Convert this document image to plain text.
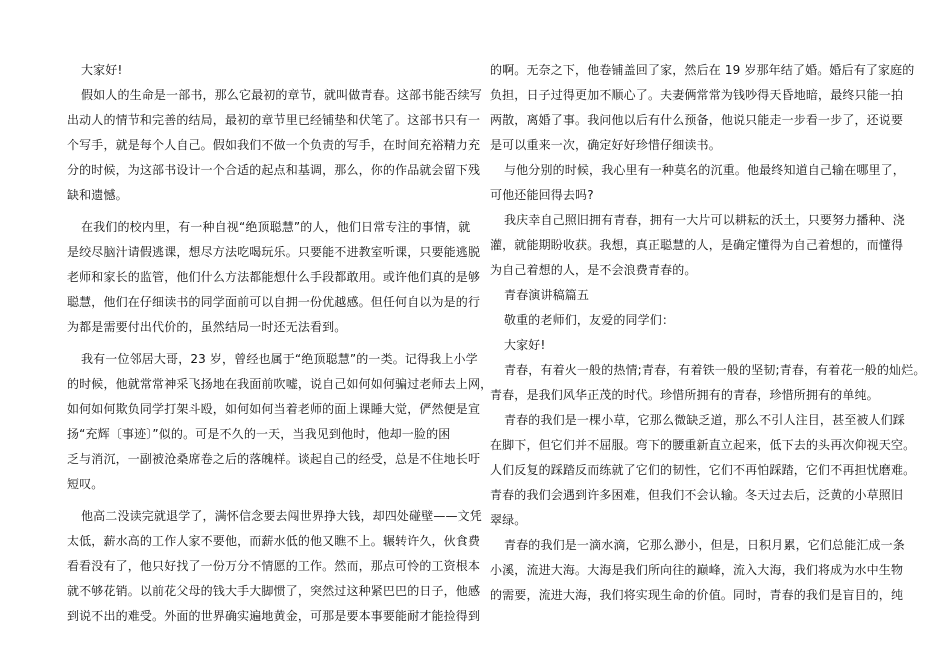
大家好!
假如人的生命是一部书，那么它最初的章节，就叫做青春。这部书能否续写
出动人的情节和完善的结局，最初的章节里已经铺垫和伏笔了。这部书只有一
个写手，就是每个人自己。假如我们不做一个负责的写手，在时间充裕精力充
分的时候，为这部书设计一个合适的起点和基调，那么，你的作品就会留下残
缺和遗憾。
在我们的校内里，有一种自视“绝顶聪慧”的人，他们日常专注的事情，就
是绞尽脑汁请假逃课，想尽方法吃喝玩乐。只要能不进教室听课，只要能逃脱
老师和家长的监管，他们什么方法都能想什么手段都敢用。或许他们真的是够
聪慧，他们在仔细读书的同学面前可以自拥一份优越感。但任何自以为是的行
为都是需要付出代价的，虽然结局一时还无法看到。
我有一位邻居大哥，23 岁，曾经也属于“绝顶聪慧”的一类。记得我上小学
的时候，他就常常神采飞扬地在我面前吹嘘，说自己如何如何骗过老师去上网，
如何如何欺负同学打架斗殴，如何如何当着老师的面上课睡大觉，俨然便是宣
扬“充辉〔事迹〕”似的。可是不久的一天，当我见到他时，他却一脸的困
乏与消沉，一副被沧桑席卷之后的落魄样。谈起自己的经受，总是不住地长吁
短叹。
他高二没读完就退学了，满怀信念要去闯世界挣大钱，却四处碰壁——文凭
太低，薪水高的工作人家不要他，而薪水低的他又瞧不上。辗转许久，伙食费
看看没有了，他只好找了一份万分不情愿的工作。然而，那点可怜的工资根本
就不够花销。以前花父母的钱大手大脚惯了，突然过这种紧巴巴的日子，他感
到说不出的难受。外面的世界确实遍地黄金，可那是要本事要能耐才能捡得到
的啊。无奈之下，他卷铺盖回了家，然后在 19 岁那年结了婚。婚后有了家庭的
负担，日子过得更加不顺心了。夫妻俩常常为钱吵得天昏地暗，最终只能一拍
两散，离婚了事。我问他以后有什么预备，他说只能走一步看一步了，还说要
是可以重来一次，确定好好珍惜仔细读书。
与他分别的时候，我心里有一种莫名的沉重。他最终知道自己输在哪里了，
可他还能回得去吗?
我庆幸自己照旧拥有青春，拥有一大片可以耕耘的沃土，只要努力播种、浇
灌，就能期盼收获。我想，真正聪慧的人，是确定懂得为自己着想的，而懂得
为自己着想的人，是不会浪费青春的。
青春演讲稿篇五
敬重的老师们，友爱的同学们：
大家好!
青春，有着火一般的热情;青春，有着铁一般的坚韧;青春，有着花一般的灿烂。
青春，是我们风华正茂的时代。珍惜所拥有的青春，珍惜所拥有的单纯。
青春的我们是一棵小草，它那么微缺乏道，那么不引人注目，甚至被人们踩
在脚下，但它们并不屈服。弯下的腰重新直立起来，低下去的头再次仰视天空。
人们反复的踩踏反而练就了它们的韧性，它们不再怕踩踏，它们不再担忧磨难。
青春的我们会遇到许多困难，但我们不会认输。冬天过去后，泛黄的小草照旧
翠绿。
青春的我们是一滴水滴，它那么渺小，但是，日积月累，它们总能汇成一条
小溪，流进大海。大海是我们所向往的巅峰，流入大海，我们将成为水中生物
的需要，流进大海，我们将实现生命的价值。同时，青春的我们是盲目的，纯
